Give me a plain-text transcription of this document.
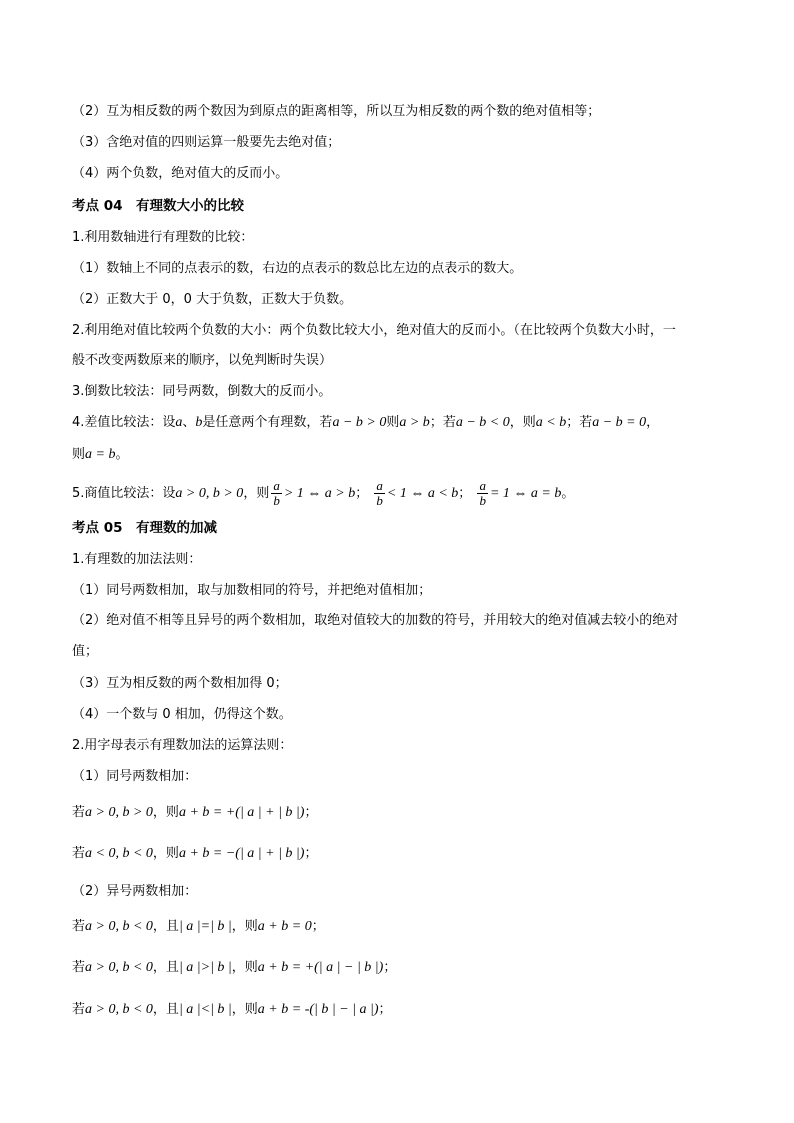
（2）互为相反数的两个数因为到原点的距离相等，所以互为相反数的两个数的绝对值相等；
（3）含绝对值的四则运算一般要先去绝对值；
（4）两个负数，绝对值大的反而小。
考点 04　有理数大小的比较
1.利用数轴进行有理数的比较：
（1）数轴上不同的点表示的数，右边的点表示的数总比左边的点表示的数大。
（2）正数大于 0，0 大于负数，正数大于负数。
2.利用绝对值比较两个负数的大小：两个负数比较大小，绝对值大的反而小。（在比较两个负数大小时，一
般不改变两数原来的顺序，以免判断时失误）
3.倒数比较法：同号两数，倒数大的反而小。
4.差值比较法：设a、b是任意两个有理数，若a − b > 0则a > b；若a − b < 0，则a < b；若a − b = 0，
则a = b。
5.商值比较法：设a > 0, b > 0，则 $\frac{a}{b} > 1$ ⇔ a > b； $\frac{a}{b} < 1$ ⇔ a < b； $\frac{a}{b} = 1$ ⇔ a = b。
考点 05　有理数的加减
1.有理数的加法法则：
（1）同号两数相加，取与加数相同的符号，并把绝对值相加；
（2）绝对值不相等且异号的两个数相加，取绝对值较大的加数的符号，并用较大的绝对值减去较小的绝对
值；
（3）互为相反数的两个数相加得 0；
（4）一个数与 0 相加，仍得这个数。
2.用字母表示有理数加法的运算法则：
（1）同号两数相加：
若a > 0, b > 0，则a + b = +(| a | + | b |)；
若a < 0, b < 0，则a + b = −(| a | + | b |)；
（2）异号两数相加：
若a > 0, b < 0，且| a |=| b |，则a + b = 0；
若a > 0, b < 0，且| a |>| b |，则a + b = +(| a | − | b |)；
若a > 0, b < 0，且| a |<| b |，则a + b = -(| b | − | a |)；
